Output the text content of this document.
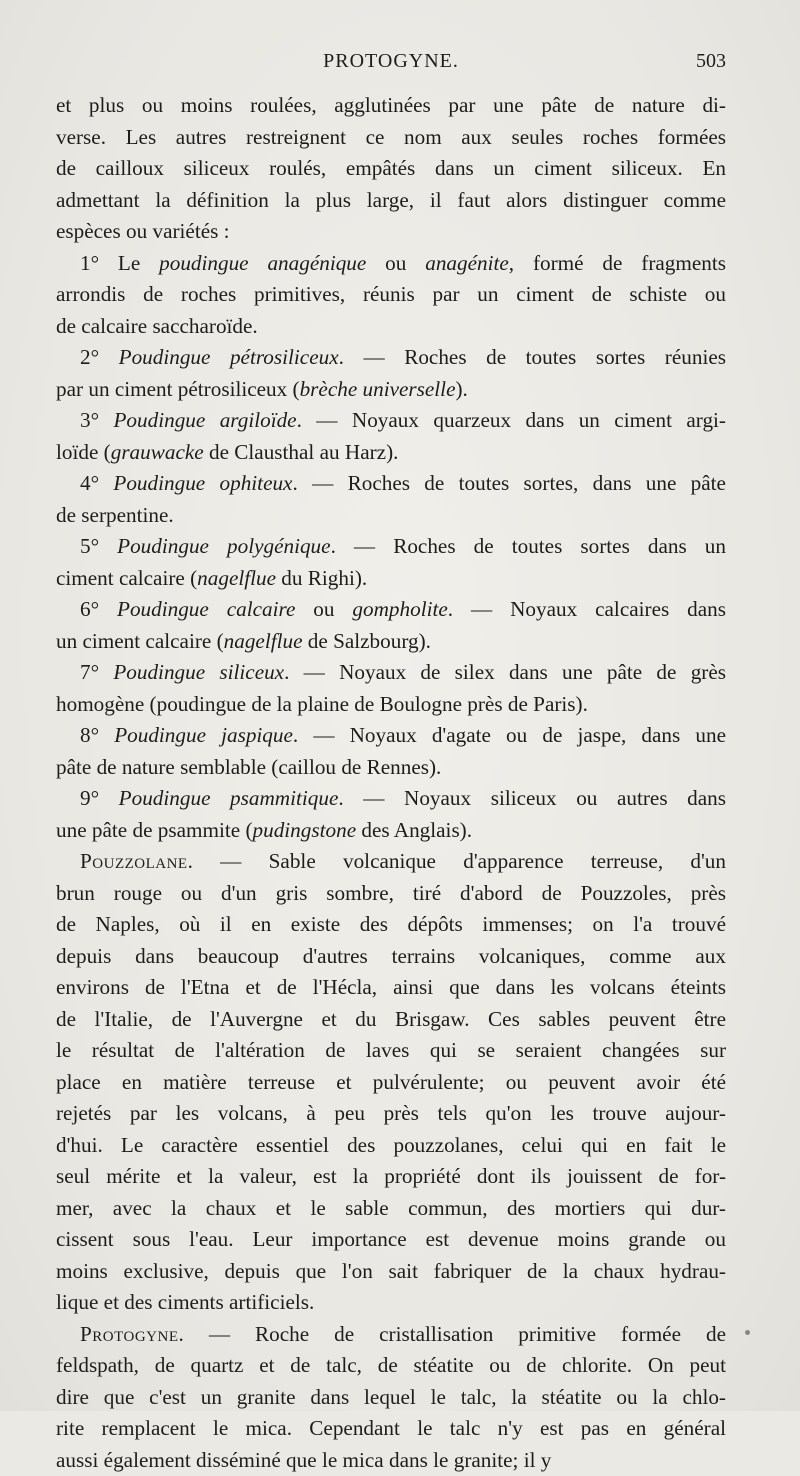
PROTOGYNE.	503
et plus ou moins roulées, agglutinées par une pâte de nature di-
verse. Les autres restreignent ce nom aux seules roches formées
de cailloux siliceux roulés, empâtés dans un ciment siliceux. En
admettant la définition la plus large, il faut alors distinguer comme
espèces ou variétés :
1° Le poudingue anagénique ou anagénite, formé de fragments
arrondis de roches primitives, réunis par un ciment de schiste ou
de calcaire saccharoïde.
2° Poudingue pétrosiliceux. — Roches de toutes sortes réunies
par un ciment pétrosiliceux (brèche universelle).
3° Poudingue argiloïde. — Noyaux quarzeux dans un ciment argi-
loïde (grauwacke de Clausthal au Harz).
4° Poudingue ophiteux. — Roches de toutes sortes, dans une pâte
de serpentine.
5° Poudingue polygénique. — Roches de toutes sortes dans un
ciment calcaire (nagelflue du Righi).
6° Poudingue calcaire ou gompholite. — Noyaux calcaires dans
un ciment calcaire (nagelflue de Salzbourg).
7° Poudingue siliceux. — Noyaux de silex dans une pâte de grès
homogène (poudingue de la plaine de Boulogne près de Paris).
8° Poudingue jaspique. — Noyaux d'agate ou de jaspe, dans une
pâte de nature semblable (caillou de Rennes).
9° Poudingue psammitique. — Noyaux siliceux ou autres dans
une pâte de psammite (pudingstone des Anglais).
Pouzzolane. — Sable volcanique d'apparence terreuse, d'un
brun rouge ou d'un gris sombre, tiré d'abord de Pouzzoles, près
de Naples, où il en existe des dépôts immenses; on l'a trouvé
depuis dans beaucoup d'autres terrains volcaniques, comme aux
environs de l'Etna et de l'Hécla, ainsi que dans les volcans éteints
de l'Italie, de l'Auvergne et du Brisgaw. Ces sables peuvent être
le résultat de l'altération de laves qui se seraient changées sur
place en matière terreuse et pulvérulente; ou peuvent avoir été
rejetés par les volcans, à peu près tels qu'on les trouve aujour-
d'hui. Le caractère essentiel des pouzzolanes, celui qui en fait le
seul mérite et la valeur, est la propriété dont ils jouissent de for-
mer, avec la chaux et le sable commun, des mortiers qui dur-
cissent sous l'eau. Leur importance est devenue moins grande ou
moins exclusive, depuis que l'on sait fabriquer de la chaux hydrau-
lique et des ciments artificiels.
Protogyne. — Roche de cristallisation primitive formée de
feldspath, de quartz et de talc, de stéatite ou de chlorite. On peut
dire que c'est un granite dans lequel le talc, la stéatite ou la chlo-
rite remplacent le mica. Cependant le talc n'y est pas en général
aussi également disséminé que le mica dans le granite; il y
